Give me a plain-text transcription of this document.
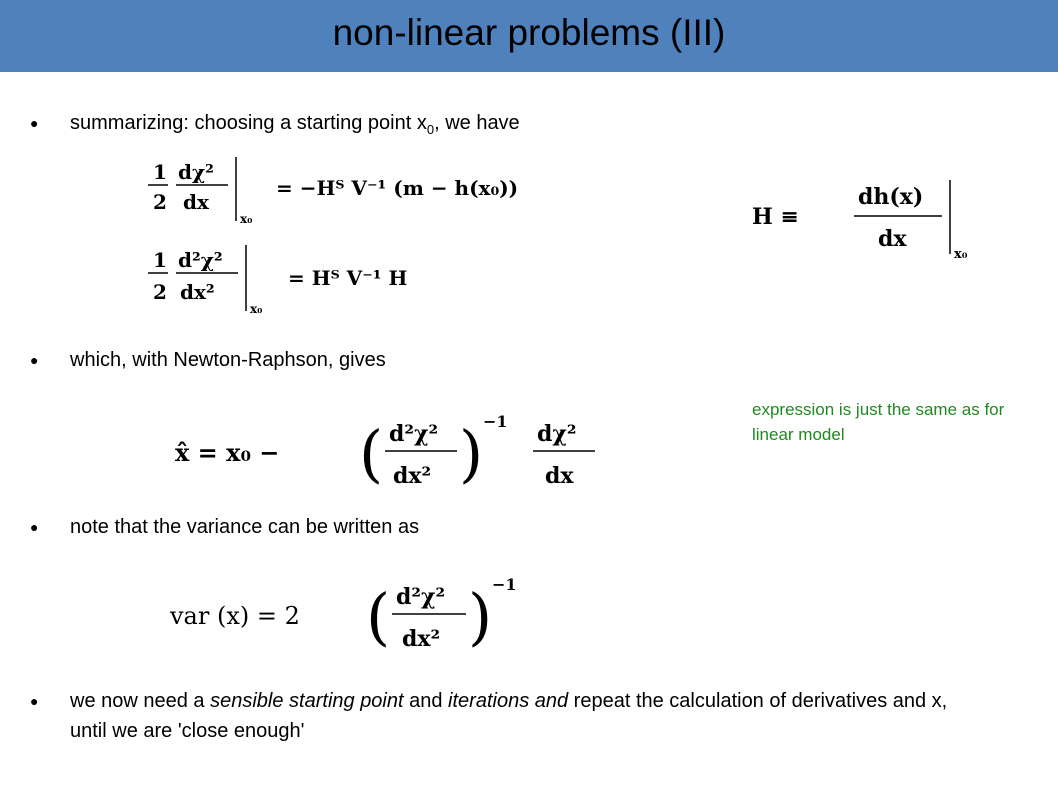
non-linear problems (III)
● summarizing: choosing a starting point $x_0$, we have
1
2
dχ²
dx
x₀
= −Hᵀ V⁻¹ (m − h(x₀))
1
2
d²χ²
dx²
x₀
= Hᵀ V⁻¹ H
H ≡
dh(x)
dx
x₀
● which, with Newton-Raphson, gives
x̂ = x₀ − ( d²χ²
dx² ) −1 dχ²
dx
expression is just the same as for linear model
● note that the variance can be written as
var (x) = 2 ( d²χ²
dx² ) −1
● we now need a sensible starting point and iterations and repeat the calculation of derivatives and x, until we are 'close enough'
